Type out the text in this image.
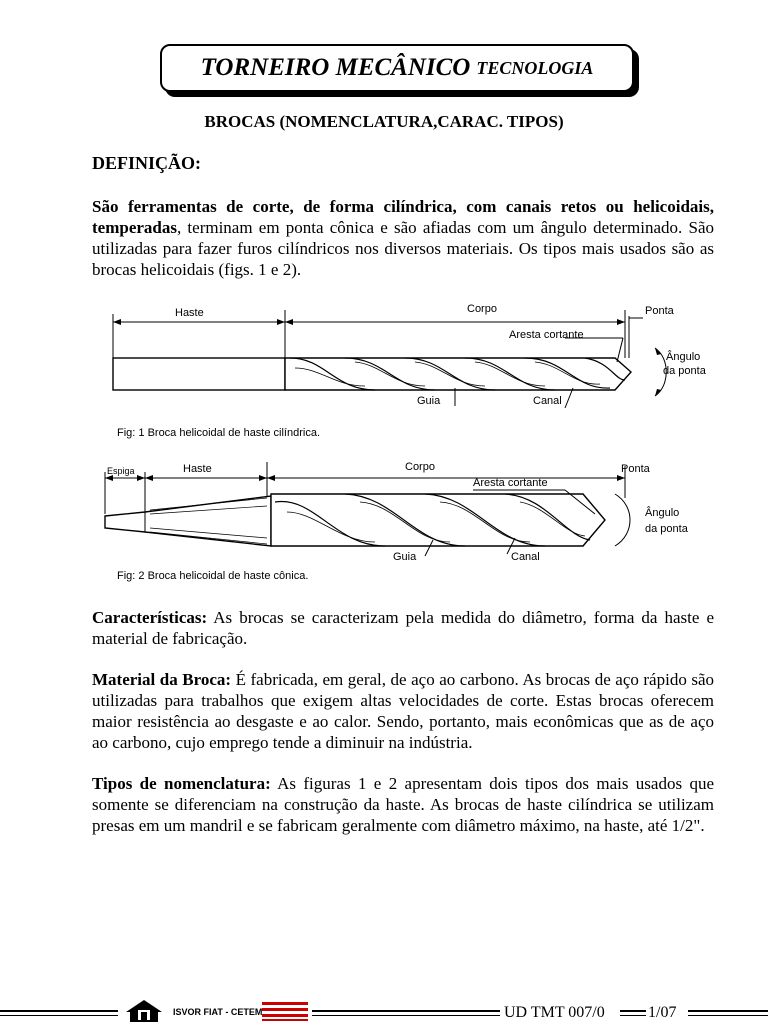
TORNEIRO MECÂNICO TECNOLOGIA
BROCAS (NOMENCLATURA,CARAC. TIPOS)
DEFINIÇÃO:
São ferramentas de corte, de forma cilíndrica, com canais retos ou helicoidais, temperadas, terminam em ponta cônica e são afiadas com um ângulo determinado. São utilizadas para fazer furos cilíndricos nos diversos materiais. Os tipos mais usados são as brocas helicoidais (figs. 1 e 2).
Haste	Corpo	Ponta
Aresta cortante
Ângulo
da ponta
Guia	Canal
Fig: 1 Broca helicoidal de haste cilíndrica.
Espiga	Haste	Corpo	Ponta
Aresta cortante
Ângulo
da ponta
Guia	Canal
Fig: 2 Broca helicoidal de haste cônica.
Características: As brocas se caracterizam pela medida do diâmetro, forma da haste e material de fabricação.
Material da Broca: É fabricada, em geral, de aço ao carbono. As brocas de aço rápido são utilizadas para trabalhos que exigem altas velocidades de corte. Estas brocas oferecem maior resistência ao desgaste e ao calor. Sendo, portanto, mais econômicas que as de aço ao carbono, cujo emprego tende a diminuir na indústria.
Tipos de nomenclatura: As figuras 1 e 2 apresentam dois tipos dos mais usados que somente se diferenciam na construção da haste. As brocas de haste cilíndrica se utilizam presas em um mandril e se fabricam geralmente com diâmetro máximo, na haste, até 1/2".
ISVOR FIAT - CETEM	UD TMT 007/0	1/07
